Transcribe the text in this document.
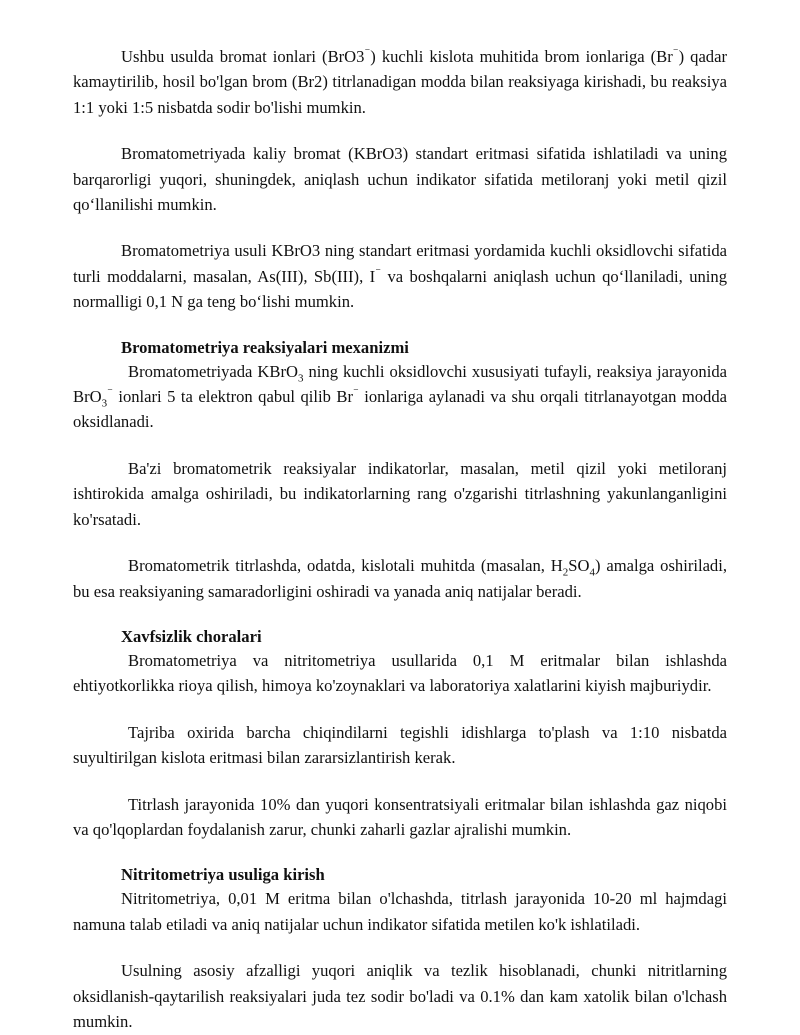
Ushbu usulda bromat ionlari (BrO3⁻) kuchli kislota muhitida brom ionlariga (Br⁻) qadar kamaytirilib, hosil bo'lgan brom (Br2) titrlanadigan modda bilan reaksiyaga kirishadi, bu reaksiya 1:1 yoki 1:5 nisbatda sodir bo'lishi mumkin.

Bromatometriyada kaliy bromat (KBrO3) standart eritmasi sifatida ishlatiladi va uning barqarorligi yuqori, shuningdek, aniqlash uchun indikator sifatida metiloranj yoki metil qizil qo‘llanilishi mumkin.

Bromatometriya usuli KBrO3 ning standart eritmasi yordamida kuchli oksidlovchi sifatida turli moddalarni, masalan, As(III), Sb(III), I⁻ va boshqalarni aniqlash uchun qo‘llaniladi, uning normalligi 0,1 N ga teng bo‘lishi mumkin.

Bromatometriya reaksiyalari mexanizmi

Bromatometriyada KBrO$_3$ ning kuchli oksidlovchi xususiyati tufayli, reaksiya jarayonida BrO$_3$⁻ ionlari 5 ta elektron qabul qilib Br⁻ ionlariga aylanadi va shu orqali titrlanayotgan modda oksidlanadi.

Ba'zi bromatometrik reaksiyalar indikatorlar, masalan, metil qizil yoki metiloranj ishtirokida amalga oshiriladi, bu indikatorlarning rang o'zgarishi titrlashning yakunlanganligini ko'rsatadi.

Bromatometrik titrlashda, odatda, kislotali muhitda (masalan, $H_2SO_4$) amalga oshiriladi, bu esa reaksiyaning samaradorligini oshiradi va yanada aniq natijalar beradi.

Xavfsizlik choralari

Bromatometriya va nitritometriya usullarida 0,1 M eritmalar bilan ishlashda ehtiyotkorlikka rioya qilish, himoya ko'zoynaklari va laboratoriya xalatlarini kiyish majburiydir.

Tajriba oxirida barcha chiqindilarni tegishli idishlarga to'plash va 1:10 nisbatda suyultirilgan kislota eritmasi bilan zararsizlantirish kerak.

Titrlash jarayonida 10% dan yuqori konsentratsiyali eritmalar bilan ishlashda gaz niqobi va qo'lqoplardan foydalanish zarur, chunki zaharli gazlar ajralishi mumkin.

Nitritometriya usuliga kirish

Nitritometriya, 0,01 M eritma bilan o'lchashda, titrlash jarayonida 10-20 ml hajmdagi namuna talab etiladi va aniq natijalar uchun indikator sifatida metilen ko'k ishlatiladi.

Usulning asosiy afzalligi yuqori aniqlik va tezlik hisoblanadi, chunki nitritlarning oksidlanish-qaytarilish reaksiyalari juda tez sodir bo'ladi va 0.1% dan kam xatolik bilan o'lchash mumkin.
